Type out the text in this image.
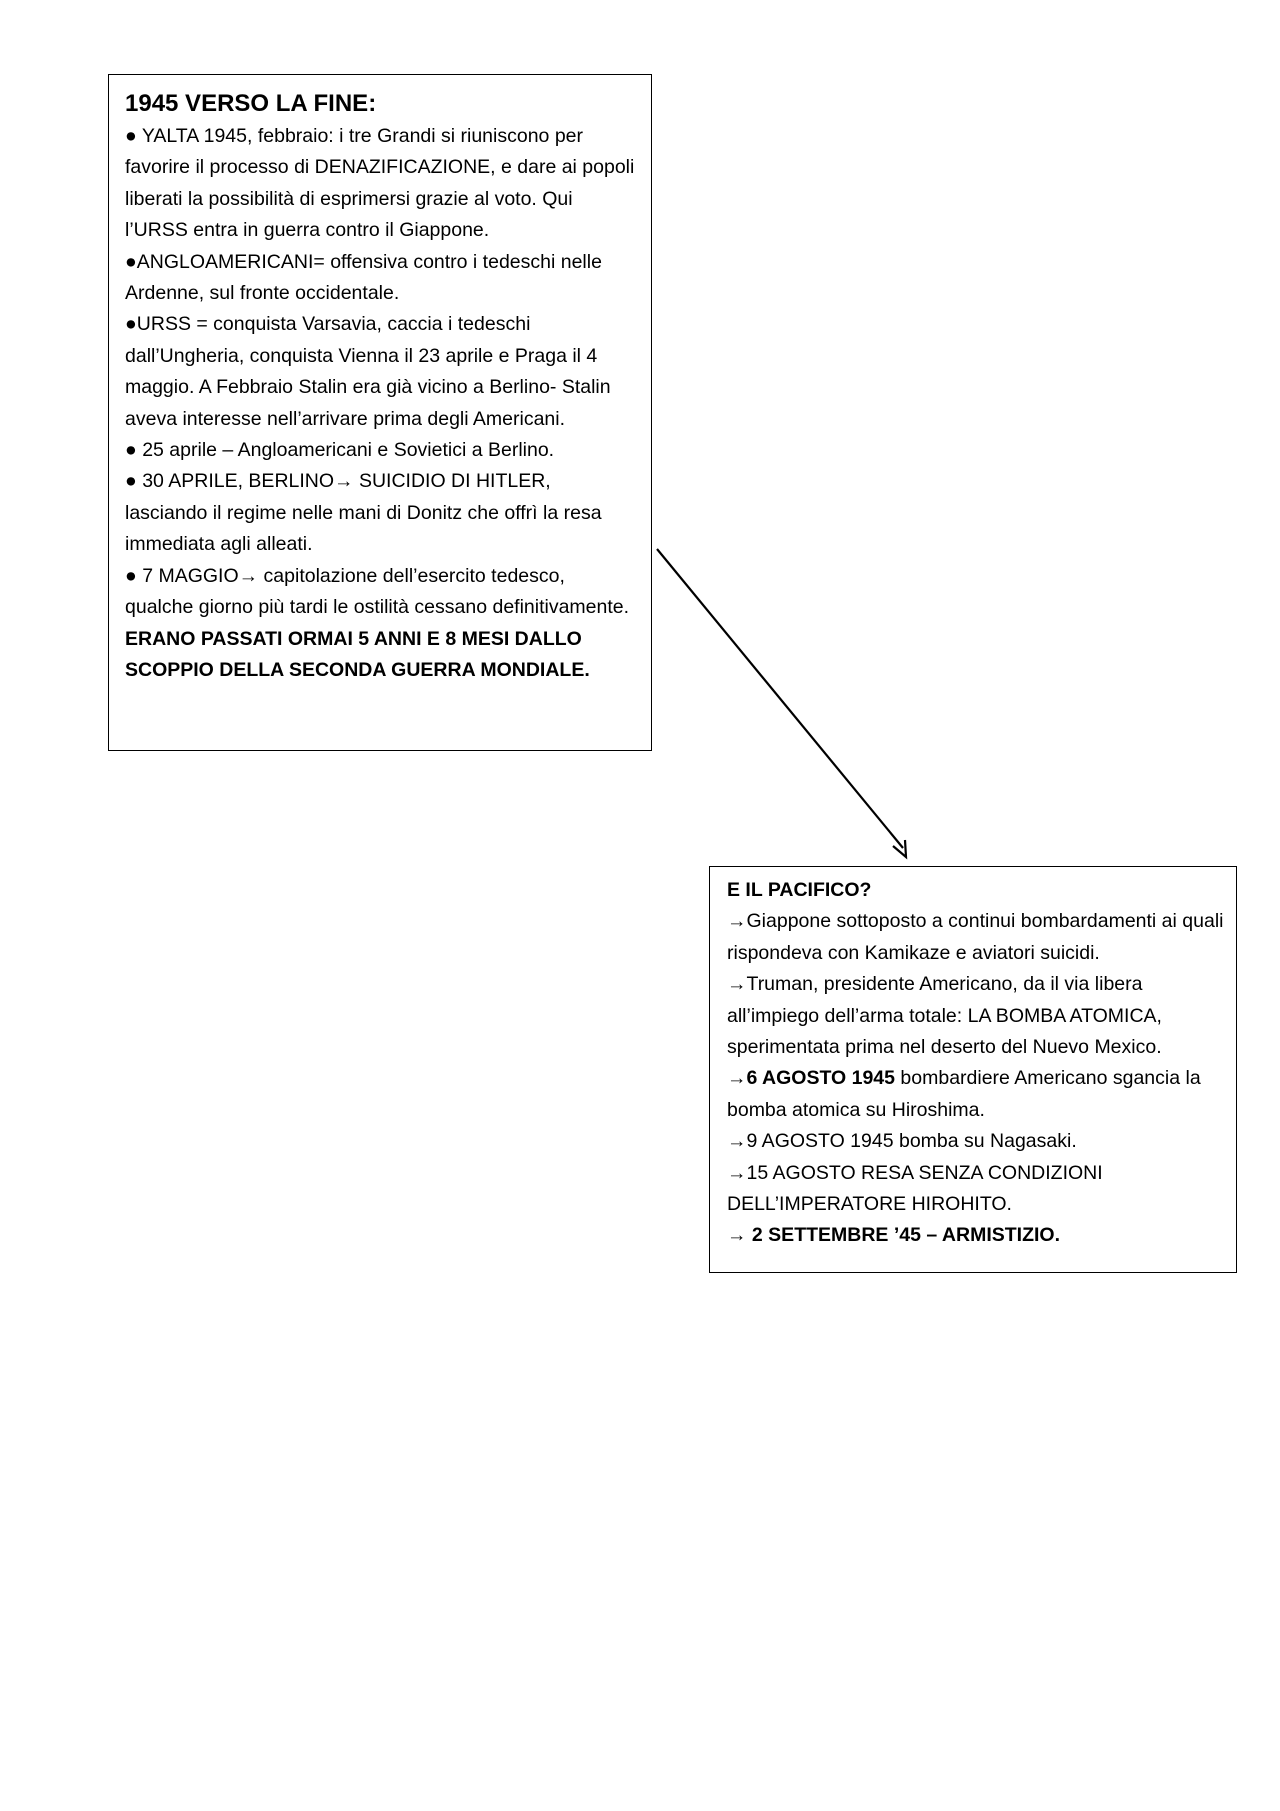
1945 VERSO LA FINE:

● YALTA 1945, febbraio: i tre Grandi si riuniscono per favorire il processo di DENAZIFICAZIONE, e dare ai popoli liberati la possibilità di esprimersi grazie al voto. Qui l’URSS entra in guerra contro il Giappone.

●ANGLOAMERICANI= offensiva contro i tedeschi nelle Ardenne, sul fronte occidentale.

●URSS = conquista Varsavia, caccia i tedeschi dall’Ungheria, conquista Vienna il 23 aprile e Praga il 4 maggio. A Febbraio Stalin era già vicino a Berlino- Stalin aveva interesse nell’arrivare prima degli Americani.

● 25 aprile – Angloamericani e Sovietici a Berlino.

● 30 APRILE, BERLINO→ SUICIDIO DI HITLER, lasciando il regime nelle mani di Donitz che offrì la resa immediata agli alleati.

● 7 MAGGIO→ capitolazione dell’esercito tedesco, qualche giorno più tardi le ostilità cessano definitivamente.

ERANO PASSATI ORMAI 5 ANNI E 8 MESI DALLO SCOPPIO DELLA SECONDA GUERRA MONDIALE.

E IL PACIFICO?

→Giappone sottoposto a continui bombardamenti ai quali rispondeva con Kamikaze e aviatori suicidi.

→Truman, presidente Americano, da il via libera all’impiego dell’arma totale: LA BOMBA ATOMICA, sperimentata prima nel deserto del Nuevo Mexico.

→6 AGOSTO 1945 bombardiere Americano sgancia la bomba atomica su Hiroshima.

→9 AGOSTO 1945 bomba su Nagasaki.

→15 AGOSTO RESA SENZA CONDIZIONI DELL’IMPERATORE HIROHITO.

→ 2 SETTEMBRE ’45 – ARMISTIZIO.
